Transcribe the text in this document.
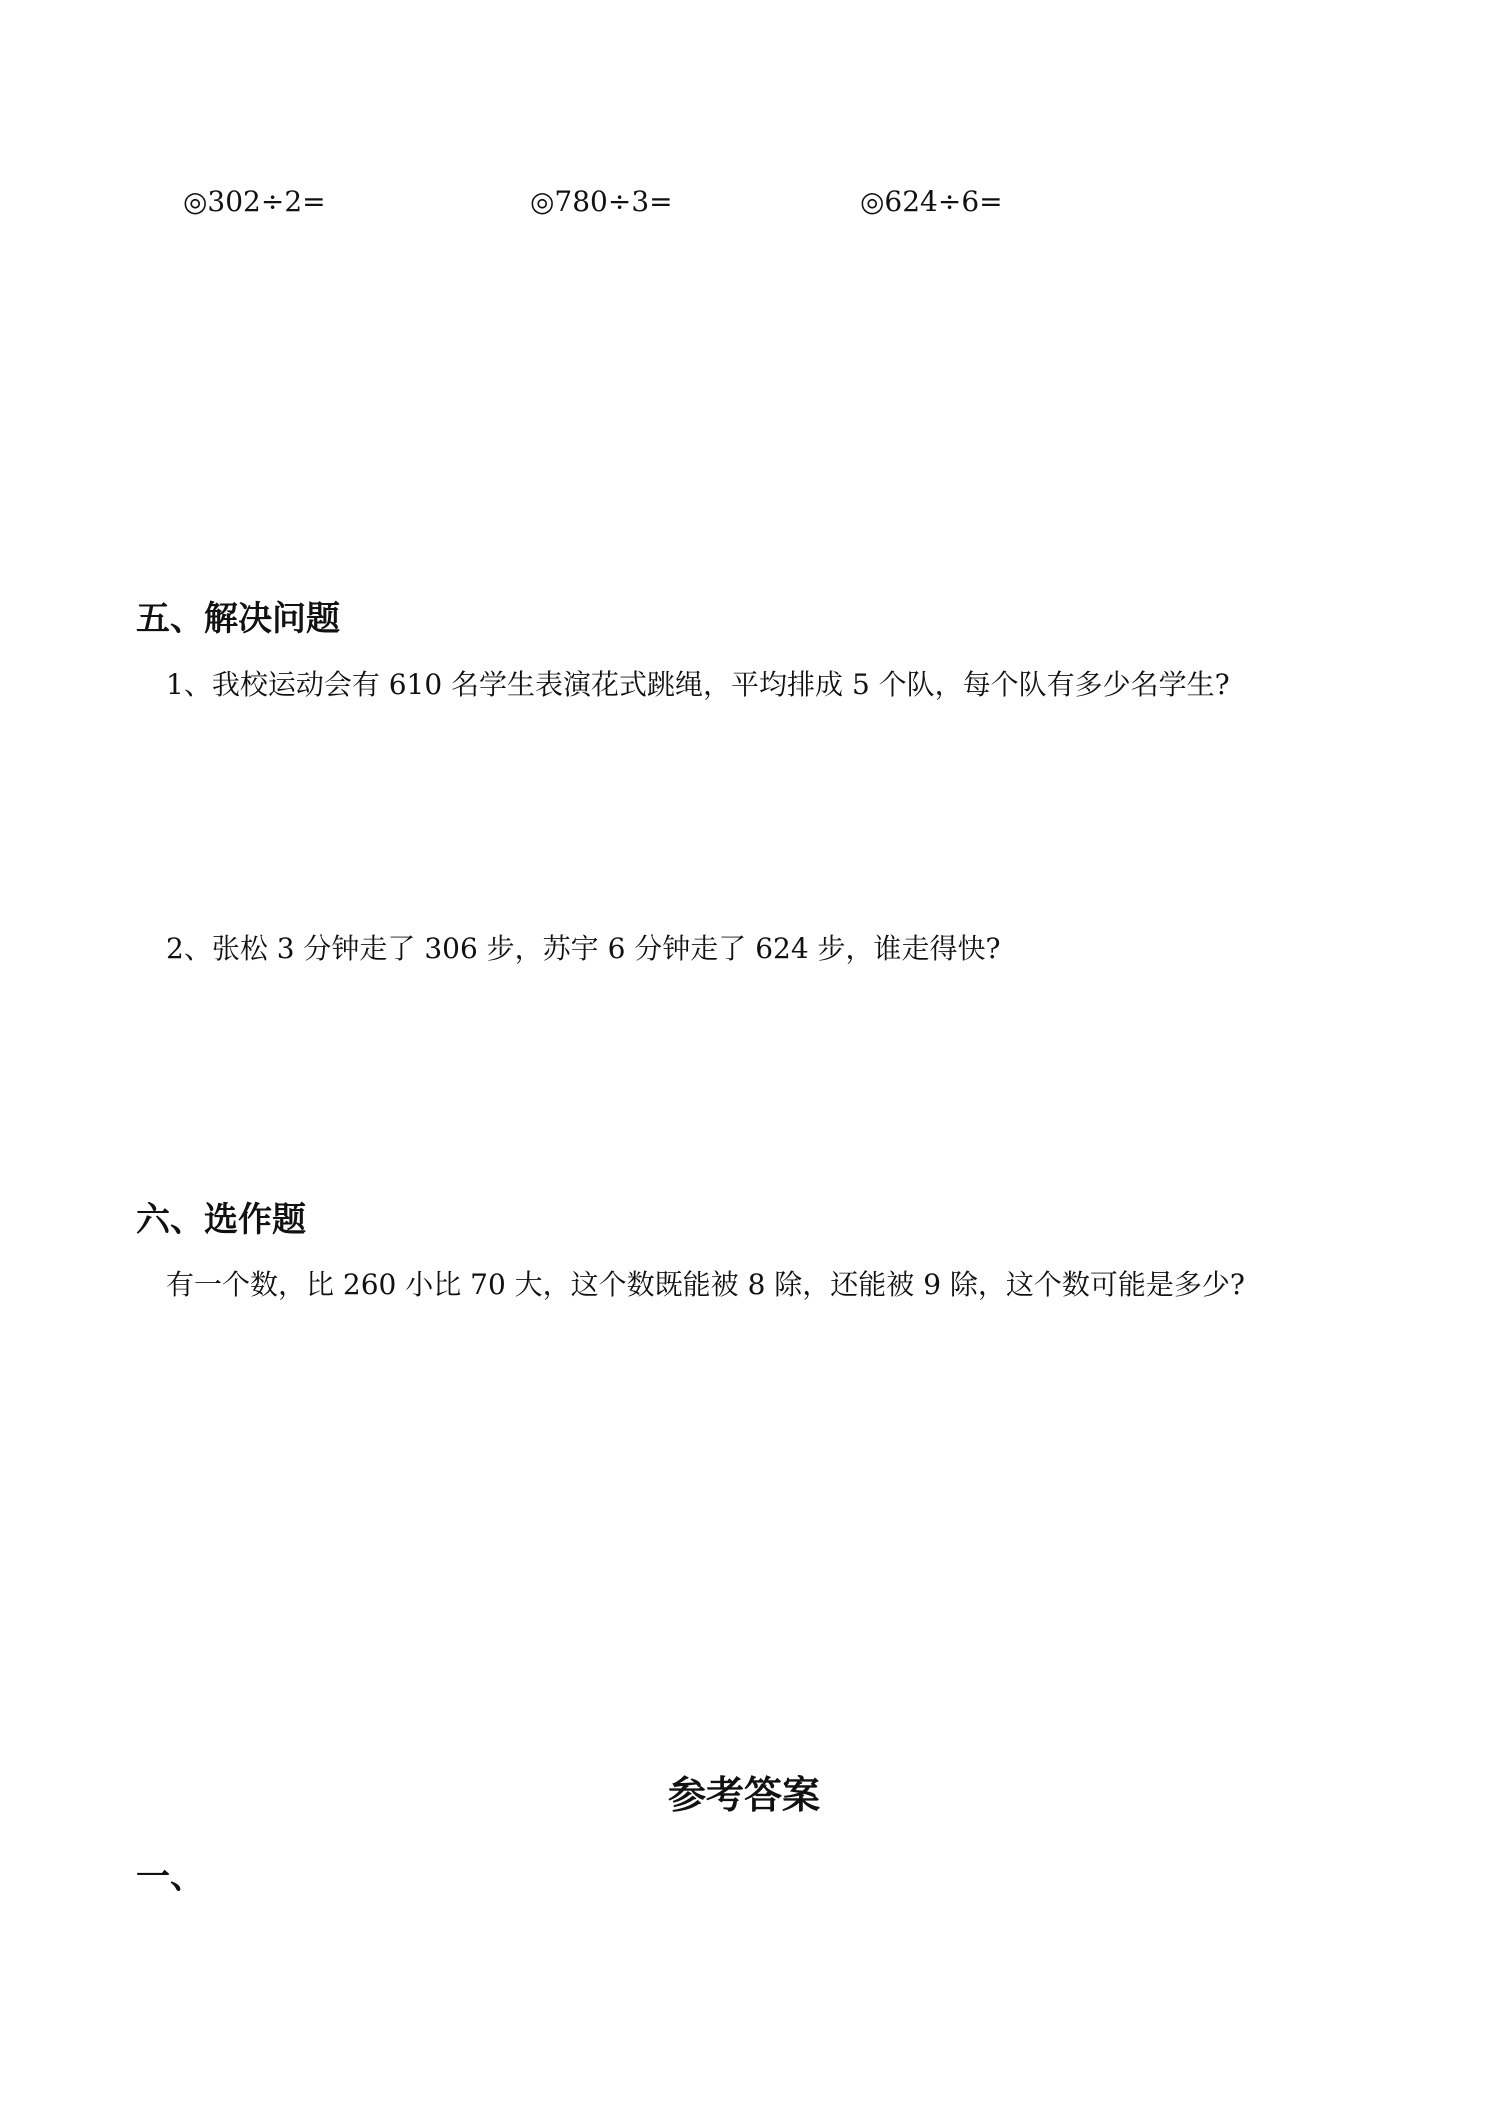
◎302÷2=	◎780÷3=	◎624÷6=
五、解决问题
1、我校运动会有 610 名学生表演花式跳绳，平均排成 5 个队，每个队有多少名学生?
2、张松 3 分钟走了 306 步，苏宇 6 分钟走了 624 步，谁走得快?
六、选作题
有一个数，比 260 小比 70 大，这个数既能被 8 除，还能被 9 除，这个数可能是多少?
参考答案
一、
